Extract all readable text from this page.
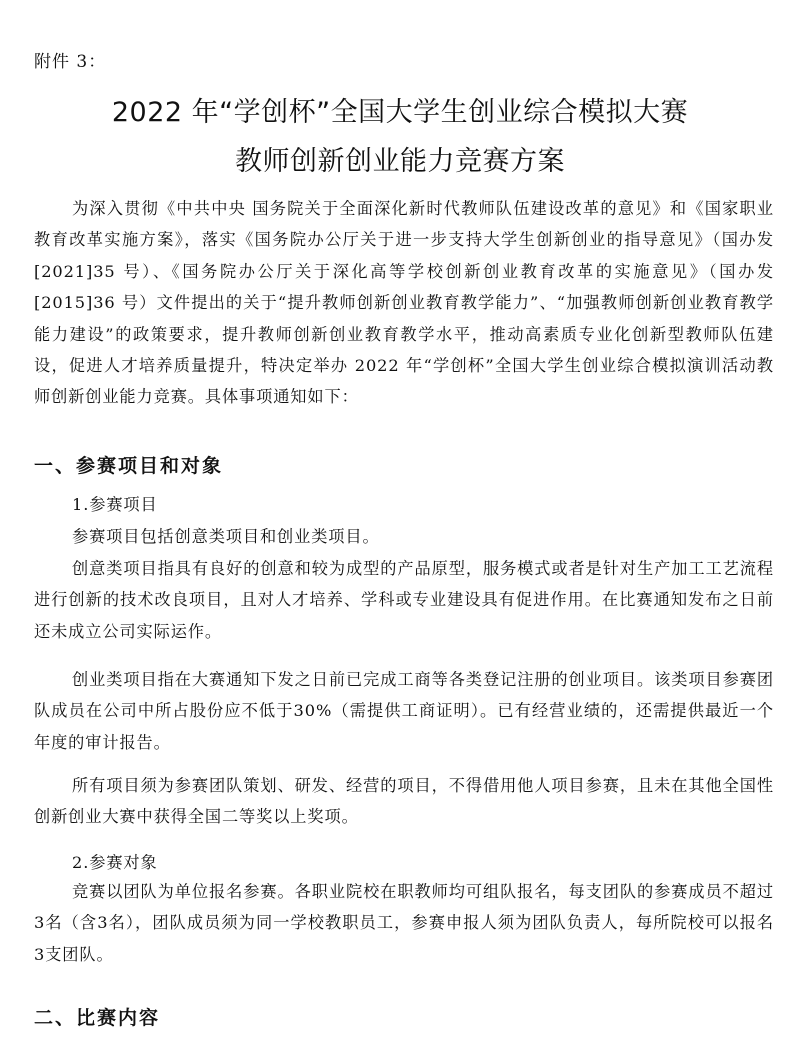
附件 3：
2022 年“学创杯”全国大学生创业综合模拟大赛
教师创新创业能力竞赛方案

为深入贯彻《中共中央 国务院关于全面深化新时代教师队伍建设改革的意见》和《国家职业教育改革实施方案》，落实《国务院办公厅关于进一步支持大学生创新创业的指导意见》（国办发[2021]35 号）、《国务院办公厅关于深化高等学校创新创业教育改革的实施意见》（国办发[2015]36 号）文件提出的关于“提升教师创新创业教育教学能力”、“加强教师创新创业教育教学能力建设”的政策要求，提升教师创新创业教育教学水平，推动高素质专业化创新型教师队伍建设，促进人才培养质量提升，特决定举办 2022 年“学创杯”全国大学生创业综合模拟演训活动教师创新创业能力竞赛。具体事项通知如下：

一、参赛项目和对象
1.参赛项目

参赛项目包括创意类项目和创业类项目。

创意类项目指具有良好的创意和较为成型的产品原型，服务模式或者是针对生产加工工艺流程进行创新的技术改良项目，且对人才培养、学科或专业建设具有促进作用。在比赛通知发布之日前还未成立公司实际运作。

创业类项目指在大赛通知下发之日前已完成工商等各类登记注册的创业项目。该类项目参赛团队成员在公司中所占股份应不低于30%（需提供工商证明）。已有经营业绩的，还需提供最近一个年度的审计报告。

所有项目须为参赛团队策划、研发、经营的项目，不得借用他人项目参赛，且未在其他全国性创新创业大赛中获得全国二等奖以上奖项。

2.参赛对象

竞赛以团队为单位报名参赛。各职业院校在职教师均可组队报名，每支团队的参赛成员不超过3名（含3名），团队成员须为同一学校教职员工，参赛申报人须为团队负责人，每所院校可以报名3支团队。

二、比赛内容
